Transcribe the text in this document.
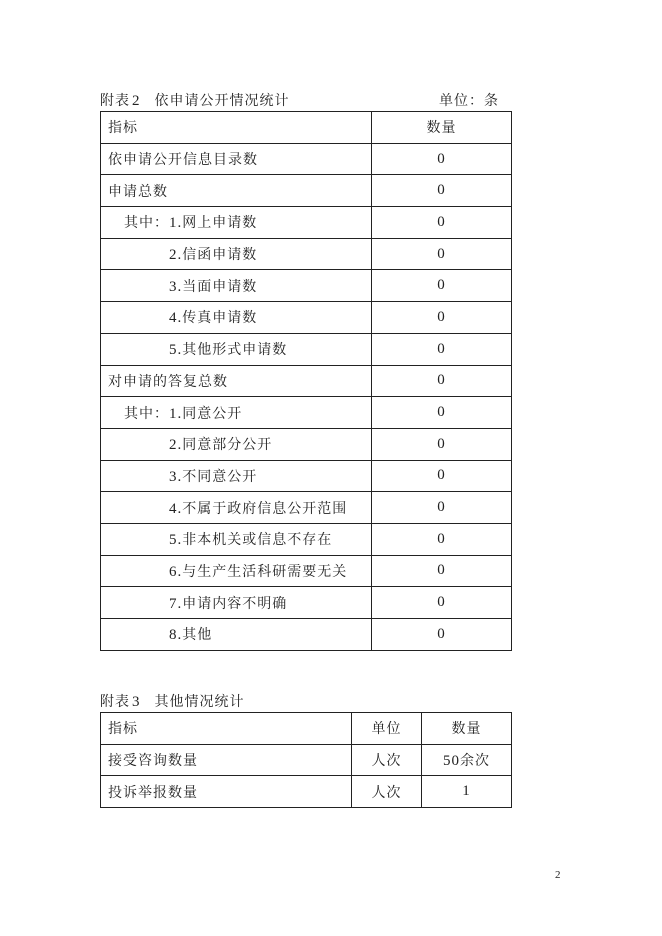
附表 2 依申请公开情况统计	单位：条
指标	数量
依申请公开信息目录数	0
申请总数	0
其中：1.网上申请数	0
2.信函申请数	0
3.当面申请数	0
4.传真申请数	0
5.其他形式申请数	0
对申请的答复总数	0
其中：1.同意公开	0
2.同意部分公开	0
3.不同意公开	0
4.不属于政府信息公开范围	0
5.非本机关或信息不存在	0
6.与生产生活科研需要无关	0
7.申请内容不明确	0
8.其他	0
附表 3 其他情况统计
指标	单位	数量
接受咨询数量	人次	50余次
投诉举报数量	人次	1
2
